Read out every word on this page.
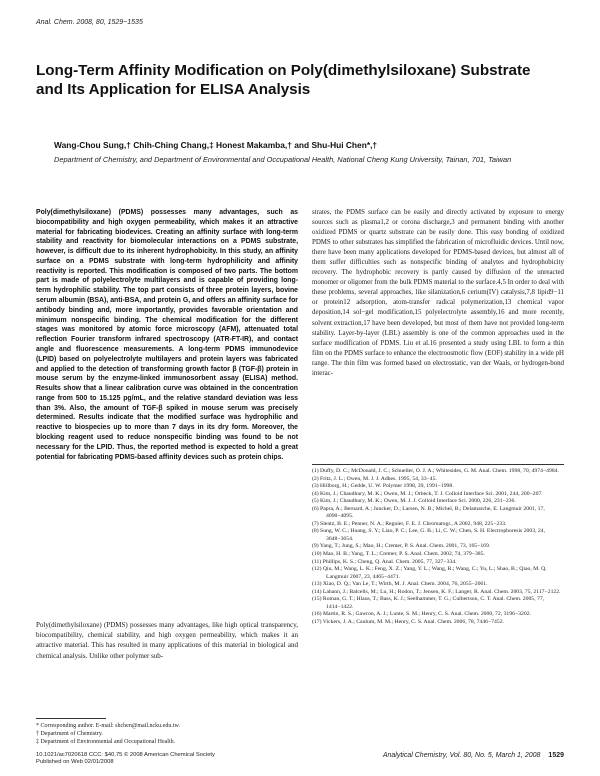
Anal. Chem. 2008, 80, 1529−1535
Long-Term Affinity Modification on Poly(dimethylsiloxane) Substrate and Its Application for ELISA Analysis
Wang-Chou Sung,† Chih-Ching Chang,‡ Honest Makamba,† and Shu-Hui Chen*,†
Department of Chemistry, and Department of Environmental and Occupational Health, National Cheng Kung University, Tainan, 701, Taiwan

Poly(dimethylsiloxane) (PDMS) possesses many advantages, such as biocompatibility and high oxygen permeability, which makes it an attractive material for fabricating biodevices. Creating an affinity surface with long-term stability and reactivity for biomolecular interactions on a PDMS substrate, however, is difficult due to its inherent hydrophobicity. In this study, an affinity surface on a PDMS substrate with long-term hydrophilicity and affinity reactivity is reported. This modification is composed of two parts. The bottom part is made of polyelectrolyte multilayers and is capable of providing long-term hydrophilic stability. The top part consists of three protein layers, bovine serum albumin (BSA), anti-BSA, and protein G, and offers an affinity surface for antibody binding and, more importantly, provides favorable orientation and minimum nonspecific binding. The chemical modification for the different stages was monitored by atomic force microscopy (AFM), attenuated total reflection Fourier transform infrared spectroscopy (ATR-FT-IR), and contact angle and fluorescence measurements. A long-term PDMS immunodevice (LPID) based on polyelectrolyte multilayers and protein layers was fabricated and applied to the detection of transforming growth factor β (TGF-β) protein in mouse serum by the enzyme-linked immunosorbent assay (ELISA) method. Results show that a linear calibration curve was obtained in the concentration range from 500 to 15.125 pg/mL, and the relative standard deviation was less than 3%. Also, the amount of TGF-β spiked in mouse serum was precisely determined. Results indicate that the modified surface was hydrophilic and reactive to biospecies up to more than 7 days in its dry form. Moreover, the blocking reagent used to reduce nonspecific binding was found to be not necessary for the LPID. Thus, the reported method is expected to hold a great potential for fabricating PDMS-based affinity devices such as protein chips.

Poly(dimethylsiloxane) (PDMS) possesses many advantages, like high optical transparency, biocompatibility, chemical stability, and high oxygen permeability, which makes it an attractive material. This has resulted in many applications of this material in biological and chemical analysis. Unlike other polymer sub-

* Corresponding author. E-mail: shchen@mail.ncku.edu.tw.
† Department of Chemistry.
‡ Department of Environmental and Occupational Health.

strates, the PDMS surface can be easily and directly activated by exposure to energy sources such as plasma1,2 or corona discharge,3 and permanent binding with another oxidized PDMS or quartz substrate can be easily done. This easy bonding of oxidized PDMS to other substrates has simplified the fabrication of microfluidic devices. Until now, there have been many applications developed for PDMS-based devices, but almost all of them suffer difficulties such as nonspecific binding of analytes and hydrophobicity recovery. The hydrophobic recovery is partly caused by diffusion of the unreacted monomer or oligomer from the bulk PDMS material to the surface.4,5 In order to deal with these problems, several approaches, like silanization,6 cerium(IV) catalysis,7,8 lipid9−11 or protein12 adsorption, atom-transfer radical polymerization,13 chemical vapor deposition,14 sol−gel modification,15 polyelectrolyte assembly,16 and more recently, solvent extraction,17 have been developed, but most of them have not provided long-term stability. Layer-by-layer (LBL) assembly is one of the common approaches used in the surface modification of PDMS. Liu et al.16 presented a study using LBL to form a thin film on the PDMS surface to enhance the electroosmotic flow (EOF) stability in a wide pH range. The thin film was formed based on electrostatic, van der Waals, or hydrogen-bond interac-

(1) Duffy, D. C.; McDonald, J. C.; Schueller, O. J. A.; Whitesides, G. M. Anal. Chem. 1998, 70, 4974−4984.
(2) Fritz, J. L.; Owen, M. J. J. Adhes. 1995, 54, 33−45.
(3) Hillborg, H.; Gedde, U. W. Polymer 1998, 39, 1991−1998.
(4) Kim, J.; Chaudhury, M. K.; Owen, M. J.; Orbeck, T. J. Colloid Interface Sci. 2001, 244, 200−207.
(5) Kim, J.; Chaudhury, M. K.; Owen, M. J. J. Colloid Interface Sci. 2000, 226, 231−236.
(6) Papra, A.; Bernard, A.; Juncker, D.; Larsen, N. B.; Michel, B.; Delamarche, E. Langmuir 2001, 17, 4090−4095.
(7) Slentz, B. E.; Penner, N. A.; Regnier, F. E. J. Chromatogr., A 2002, 948, 225−233.
(8) Sung, W. C.; Huang, S. Y.; Liao, P. C.; Lee, G. B.; Li, C. W.; Chen, S. H. Electrophoresis 2003, 24, 3648−3654.
(9) Yang, T.; Jung, S.; Mao, H.; Cremer, P. S. Anal. Chem. 2001, 73, 165−169.
(10) Mao, H. B.; Yang, T. L.; Cremer, P. S. Anal. Chem. 2002, 74, 379−385.
(11) Phillips, K. S.; Cheng, Q. Anal. Chem. 2005, 77, 327−334.
(12) Qiu, M.; Wang, L. K.; Feng, X. Z.; Yang, Y. L.; Wang, R.; Wang, C.; Yu, L.; Shao, B.; Qiao, M. Q. Langmuir 2007, 23, 4465−4471.
(13) Xiao, D. Q.; Van Le, T.; Wirth, M. J. Anal. Chem. 2004, 76, 2055−2061.
(14) Lahann, J.; Balcells, M.; Lu, H.; Rodon, T.; Jensen, K. F.; Langer, R. Anal. Chem. 2003, 75, 2117−2122.
(15) Roman, G. T.; Hlaus, T.; Bass, K. J.; Seelhammer, T. G.; Culbertson, C. T. Anal. Chem. 2005, 77, 1414−1422.
(16) Martin, R. S.; Gawron, A. J.; Lunte, S. M.; Henry, C. S. Anal. Chem. 2000, 72, 3196−3202.
(17) Vickers, J. A.; Caulum, M. M.; Henry, C. S. Anal. Chem. 2006, 78, 7446−7452.
10.1021/ac7020618 CCC: $40.75 © 2008 American Chemical Society
Published on Web 02/01/2008
Analytical Chemistry, Vol. 80, No. 5, March 1, 2008 1529
